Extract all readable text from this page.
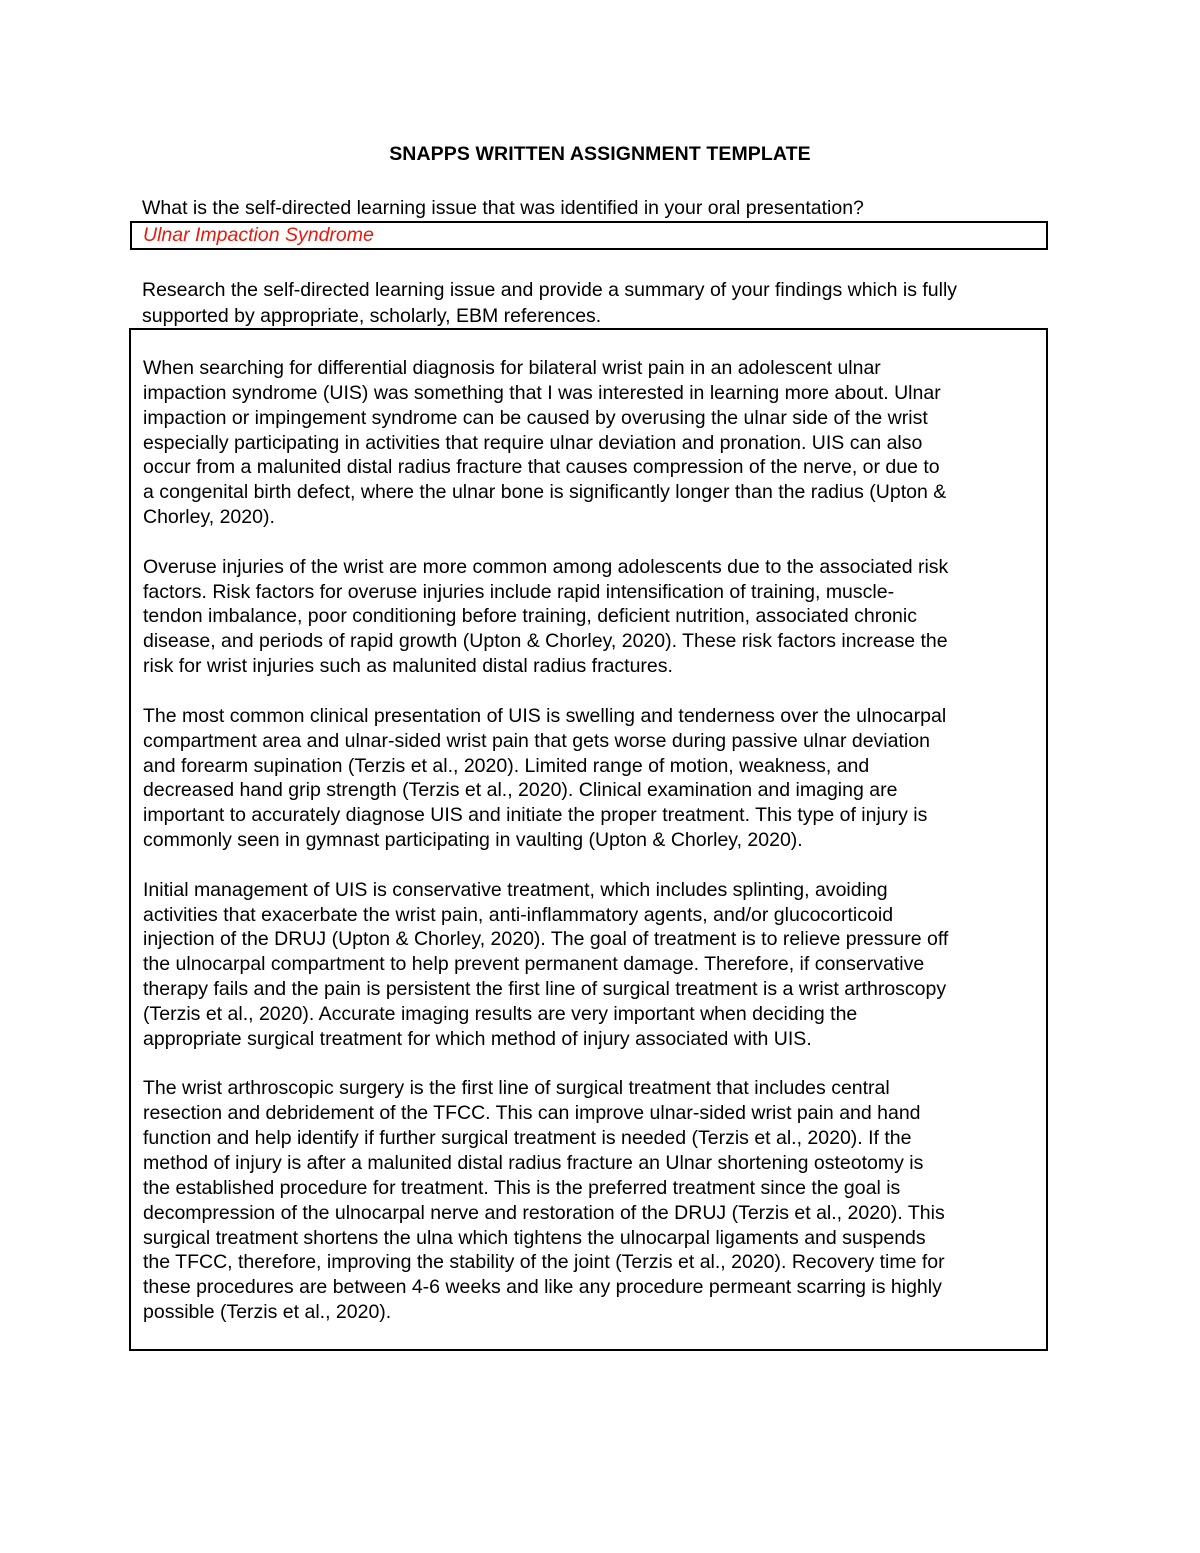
SNAPPS WRITTEN ASSIGNMENT TEMPLATE
What is the self-directed learning issue that was identified in your oral presentation?
Ulnar Impaction Syndrome
Research the self-directed learning issue and provide a summary of your findings which is fully
supported by appropriate, scholarly, EBM references.
When searching for differential diagnosis for bilateral wrist pain in an adolescent ulnar
impaction syndrome (UIS) was something that I was interested in learning more about. Ulnar
impaction or impingement syndrome can be caused by overusing the ulnar side of the wrist
especially participating in activities that require ulnar deviation and pronation. UIS can also
occur from a malunited distal radius fracture that causes compression of the nerve, or due to
a congenital birth defect, where the ulnar bone is significantly longer than the radius (Upton &
Chorley, 2020).
Overuse injuries of the wrist are more common among adolescents due to the associated risk
factors. Risk factors for overuse injuries include rapid intensification of training, muscle-
tendon imbalance, poor conditioning before training, deficient nutrition, associated chronic
disease, and periods of rapid growth (Upton & Chorley, 2020). These risk factors increase the
risk for wrist injuries such as malunited distal radius fractures.
The most common clinical presentation of UIS is swelling and tenderness over the ulnocarpal
compartment area and ulnar-sided wrist pain that gets worse during passive ulnar deviation
and forearm supination (Terzis et al., 2020). Limited range of motion, weakness, and
decreased hand grip strength (Terzis et al., 2020). Clinical examination and imaging are
important to accurately diagnose UIS and initiate the proper treatment. This type of injury is
commonly seen in gymnast participating in vaulting (Upton & Chorley, 2020).
Initial management of UIS is conservative treatment, which includes splinting, avoiding
activities that exacerbate the wrist pain, anti-inflammatory agents, and/or glucocorticoid
injection of the DRUJ (Upton & Chorley, 2020). The goal of treatment is to relieve pressure off
the ulnocarpal compartment to help prevent permanent damage. Therefore, if conservative
therapy fails and the pain is persistent the first line of surgical treatment is a wrist arthroscopy
(Terzis et al., 2020). Accurate imaging results are very important when deciding the
appropriate surgical treatment for which method of injury associated with UIS.
The wrist arthroscopic surgery is the first line of surgical treatment that includes central
resection and debridement of the TFCC. This can improve ulnar-sided wrist pain and hand
function and help identify if further surgical treatment is needed (Terzis et al., 2020). If the
method of injury is after a malunited distal radius fracture an Ulnar shortening osteotomy is
the established procedure for treatment. This is the preferred treatment since the goal is
decompression of the ulnocarpal nerve and restoration of the DRUJ (Terzis et al., 2020). This
surgical treatment shortens the ulna which tightens the ulnocarpal ligaments and suspends
the TFCC, therefore, improving the stability of the joint (Terzis et al., 2020). Recovery time for
these procedures are between 4-6 weeks and like any procedure permeant scarring is highly
possible (Terzis et al., 2020).
